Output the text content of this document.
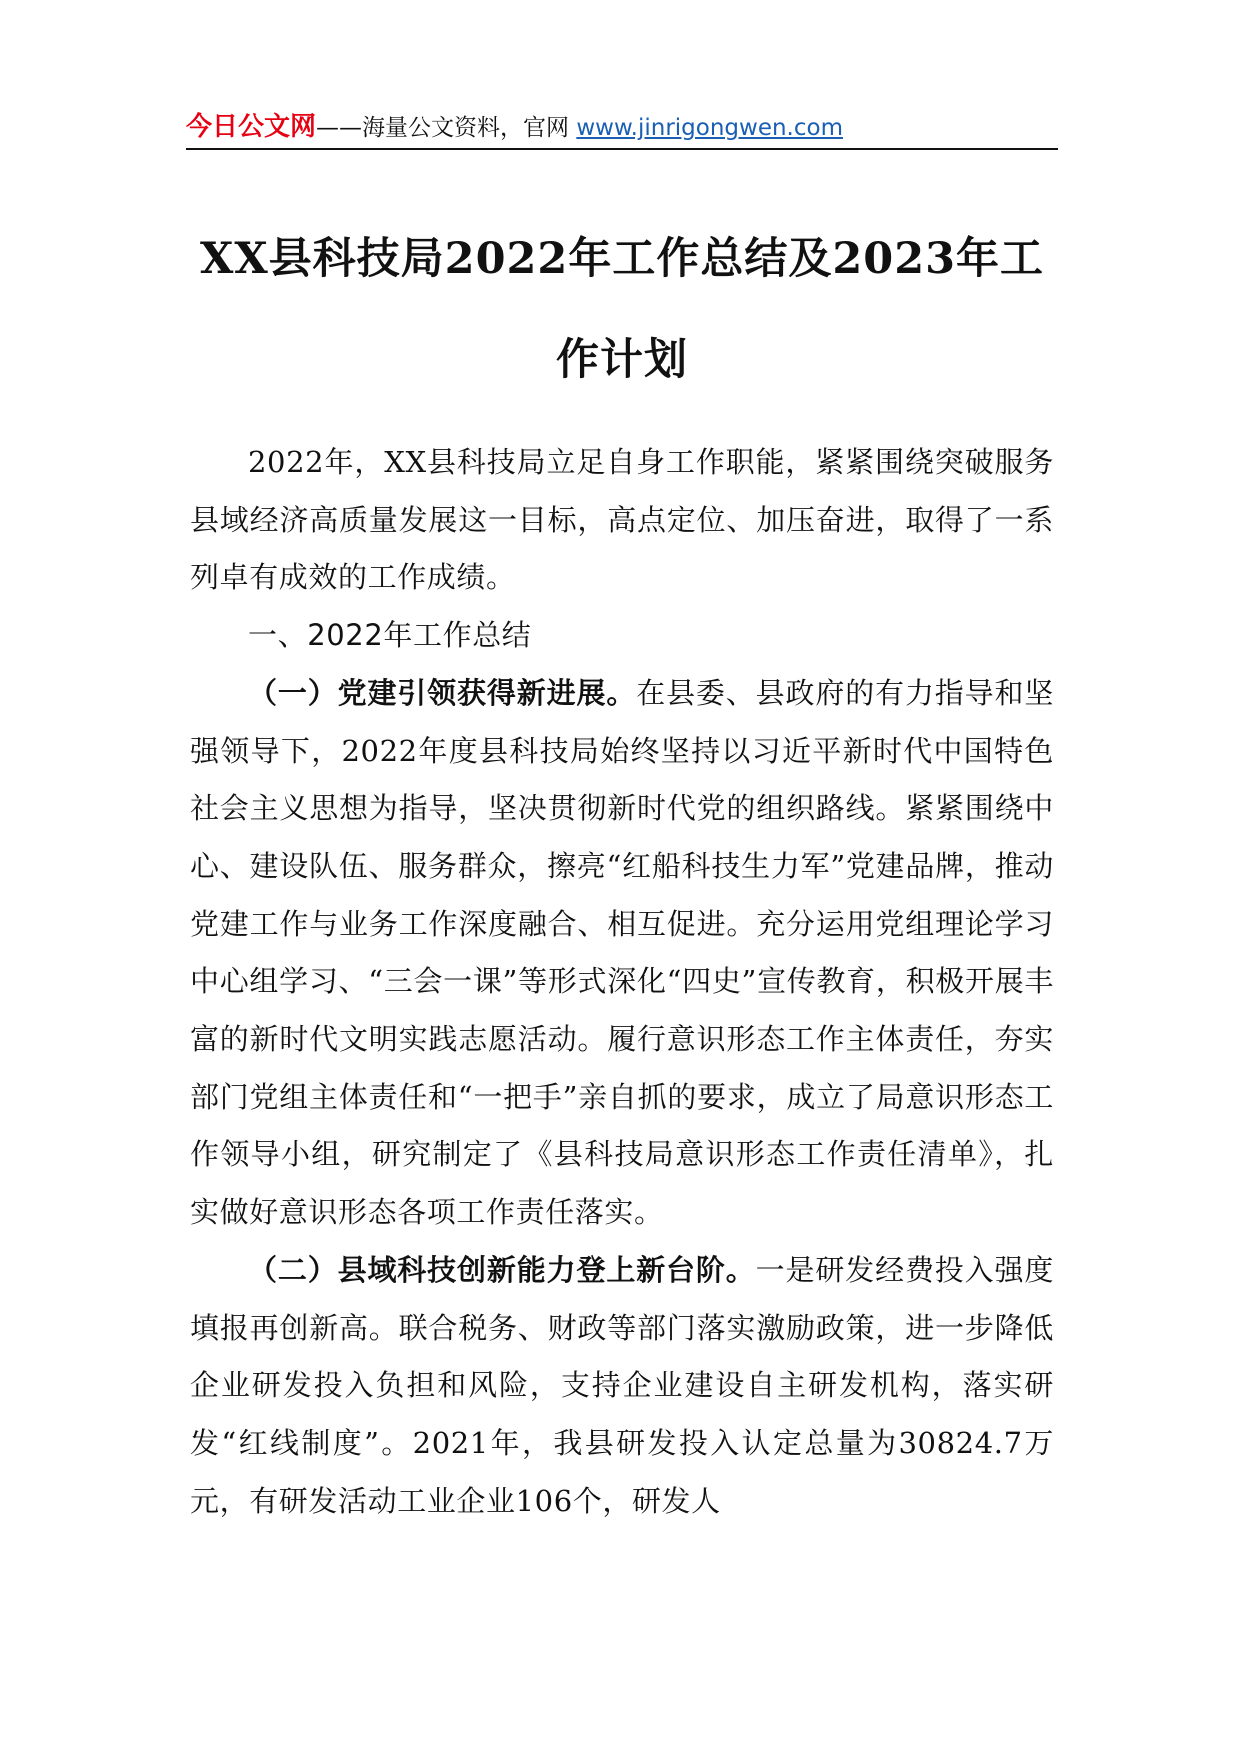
今日公文网——海量公文资料，官网 www.jinrigongwen.com
XX县科技局2022年工作总结及2023年工作计划

2022年，XX县科技局立足自身工作职能，紧紧围绕突破服务县域经济高质量发展这一目标，高点定位、加压奋进，取得了一系列卓有成效的工作成绩。

一、2022年工作总结

（一）党建引领获得新进展。在县委、县政府的有力指导和坚强领导下，2022年度县科技局始终坚持以习近平新时代中国特色社会主义思想为指导，坚决贯彻新时代党的组织路线。紧紧围绕中心、建设队伍、服务群众，擦亮“红船科技生力军”党建品牌，推动党建工作与业务工作深度融合、相互促进。充分运用党组理论学习中心组学习、“三会一课”等形式深化“四史”宣传教育，积极开展丰富的新时代文明实践志愿活动。履行意识形态工作主体责任，夯实部门党组主体责任和“一把手”亲自抓的要求，成立了局意识形态工作领导小组，研究制定了《县科技局意识形态工作责任清单》，扎实做好意识形态各项工作责任落实。

（二）县域科技创新能力登上新台阶。一是研发经费投入强度填报再创新高。联合税务、财政等部门落实激励政策，进一步降低企业研发投入负担和风险，支持企业建设自主研发机构，落实研发“红线制度”。2021年，我县研发投入认定总量为30824.7万元，有研发活动工业企业106个，研发人
